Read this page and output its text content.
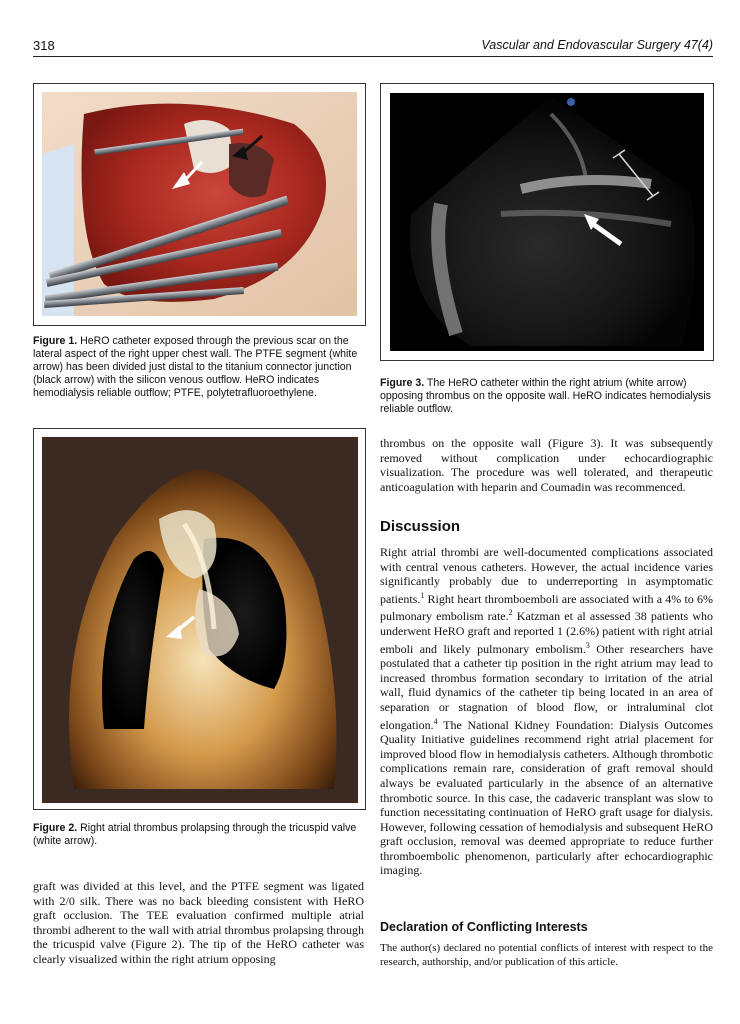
318	Vascular and Endovascular Surgery 47(4)
Figure 1. HeRO catheter exposed through the previous scar on the lateral aspect of the right upper chest wall. The PTFE segment (white arrow) has been divided just distal to the titanium connector junction (black arrow) with the silicon venous outflow. HeRO indicates hemodialysis reliable outflow; PTFE, polytetrafluoroethylene.
Figure 3. The HeRO catheter within the right atrium (white arrow) opposing thrombus on the opposite wall. HeRO indicates hemodialysis reliable outflow.
Figure 2. Right atrial thrombus prolapsing through the tricuspid valve (white arrow).
graft was divided at this level, and the PTFE segment was ligated with 2/0 silk. There was no back bleeding consistent with HeRO graft occlusion. The TEE evaluation confirmed multiple atrial thrombi adherent to the wall with atrial thrombus prolapsing through the tricuspid valve (Figure 2). The tip of the HeRO catheter was clearly visualized within the right atrium opposing
thrombus on the opposite wall (Figure 3). It was subsequently removed without complication under echocardiographic visualization. The procedure was well tolerated, and therapeutic anticoagulation with heparin and Coumadin was recommenced.
Discussion
Right atrial thrombi are well-documented complications associated with central venous catheters. However, the actual incidence varies significantly probably due to underreporting in asymptomatic patients.$^1$ Right heart thromboemboli are associated with a 4% to 6% pulmonary embolism rate.$^2$ Katzman et al assessed 38 patients who underwent HeRO graft and reported 1 (2.6%) patient with right atrial emboli and likely pulmonary embolism.$^3$ Other researchers have postulated that a catheter tip position in the right atrium may lead to increased thrombus formation secondary to irritation of the atrial wall, fluid dynamics of the catheter tip being located in an area of separation or stagnation of blood flow, or intraluminal clot elongation.$^4$ The National Kidney Foundation: Dialysis Outcomes Quality Initiative guidelines recommend right atrial placement for improved blood flow in hemodialysis catheters. Although thrombotic complications remain rare, consideration of graft removal should always be evaluated particularly in the absence of an alternative thrombotic source. In this case, the cadaveric transplant was slow to function necessitating continuation of HeRO graft usage for dialysis. However, following cessation of hemodialysis and subsequent HeRO graft occlusion, removal was deemed appropriate to reduce further thromboembolic phenomenon, particularly after echocardiographic imaging.
Declaration of Conflicting Interests
The author(s) declared no potential conflicts of interest with respect to the research, authorship, and/or publication of this article.
